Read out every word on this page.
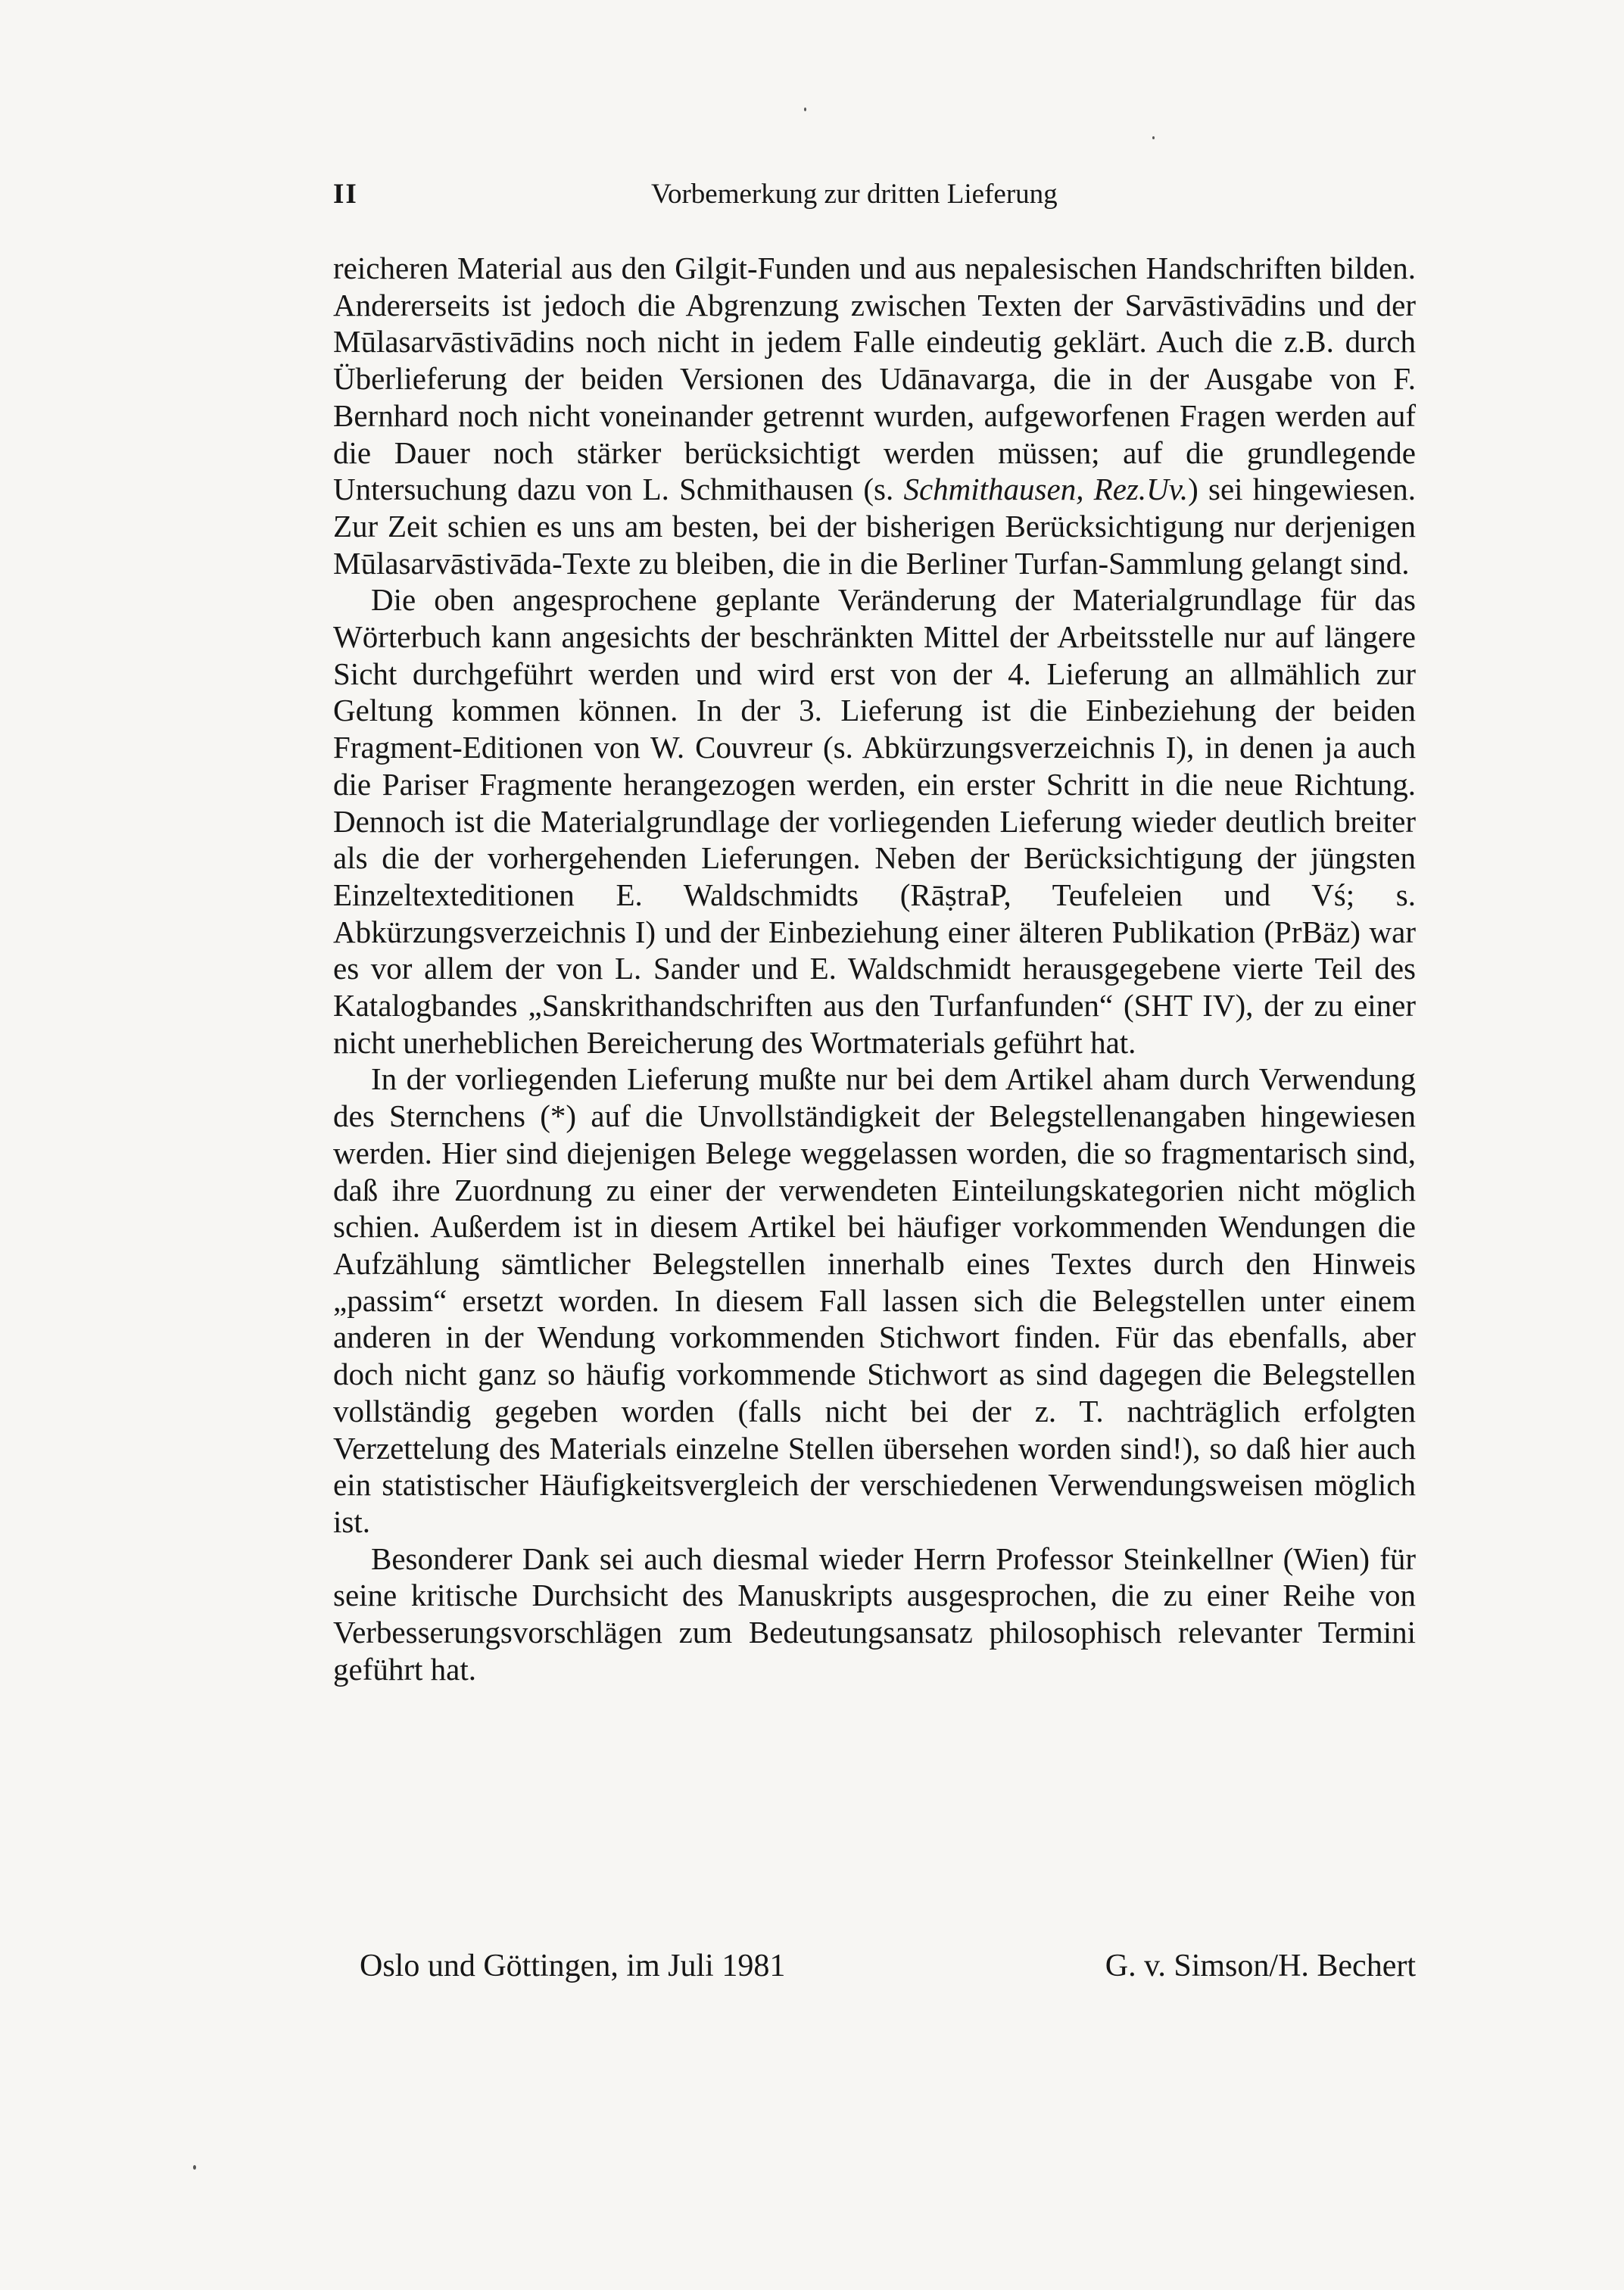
II	Vorbemerkung zur dritten Lieferung

reicheren Material aus den Gilgit-Funden und aus nepalesischen Handschriften bilden. Andererseits ist jedoch die Abgrenzung zwischen Texten der Sarvāstivādins und der Mūlasarvāstivādins noch nicht in jedem Falle eindeutig geklärt. Auch die z.B. durch Überlieferung der beiden Versionen des Udānavarga, die in der Ausgabe von F. Bernhard noch nicht voneinander getrennt wurden, aufgeworfenen Fragen werden auf die Dauer noch stärker berücksichtigt werden müssen; auf die grundlegende Untersuchung dazu von L. Schmithausen (s. Schmithausen, Rez.Uv.) sei hingewiesen. Zur Zeit schien es uns am besten, bei der bisherigen Berücksichtigung nur derjenigen Mūlasarvāstivāda-Texte zu bleiben, die in die Berliner Turfan-Sammlung gelangt sind.

Die oben angesprochene geplante Veränderung der Materialgrundlage für das Wörterbuch kann angesichts der beschränkten Mittel der Arbeitsstelle nur auf längere Sicht durchgeführt werden und wird erst von der 4. Lieferung an allmählich zur Geltung kommen können. In der 3. Lieferung ist die Einbeziehung der beiden Fragment-Editionen von W. Couvreur (s. Abkürzungsverzeichnis I), in denen ja auch die Pariser Fragmente herangezogen werden, ein erster Schritt in die neue Richtung. Dennoch ist die Materialgrundlage der vorliegenden Lieferung wieder deutlich breiter als die der vorhergehenden Lieferungen. Neben der Berücksichtigung der jüngsten Einzeltexteditionen E. Waldschmidts (RāṣtraP, Teufeleien und Vś; s. Abkürzungsverzeichnis I) und der Einbeziehung einer älteren Publikation (PrBäz) war es vor allem der von L. Sander und E. Waldschmidt herausgegebene vierte Teil des Katalogbandes „Sanskrithandschriften aus den Turfanfunden“ (SHT IV), der zu einer nicht unerheblichen Bereicherung des Wortmaterials geführt hat.

In der vorliegenden Lieferung mußte nur bei dem Artikel aham durch Verwendung des Sternchens (*) auf die Unvollständigkeit der Belegstellenangaben hingewiesen werden. Hier sind diejenigen Belege weggelassen worden, die so fragmentarisch sind, daß ihre Zuordnung zu einer der verwendeten Einteilungskategorien nicht möglich schien. Außerdem ist in diesem Artikel bei häufiger vorkommenden Wendungen die Aufzählung sämtlicher Belegstellen innerhalb eines Textes durch den Hinweis „passim“ ersetzt worden. In diesem Fall lassen sich die Belegstellen unter einem anderen in der Wendung vorkommenden Stichwort finden. Für das ebenfalls, aber doch nicht ganz so häufig vorkommende Stichwort as sind dagegen die Belegstellen vollständig gegeben worden (falls nicht bei der z. T. nachträglich erfolgten Verzettelung des Materials einzelne Stellen übersehen worden sind!), so daß hier auch ein statistischer Häufigkeitsvergleich der verschiedenen Verwendungsweisen möglich ist.

Besonderer Dank sei auch diesmal wieder Herrn Professor Steinkellner (Wien) für seine kritische Durchsicht des Manuskripts ausgesprochen, die zu einer Reihe von Verbesserungsvorschlägen zum Bedeutungsansatz philosophisch relevanter Termini geführt hat.

Oslo und Göttingen, im Juli 1981	G. v. Simson/H. Bechert
